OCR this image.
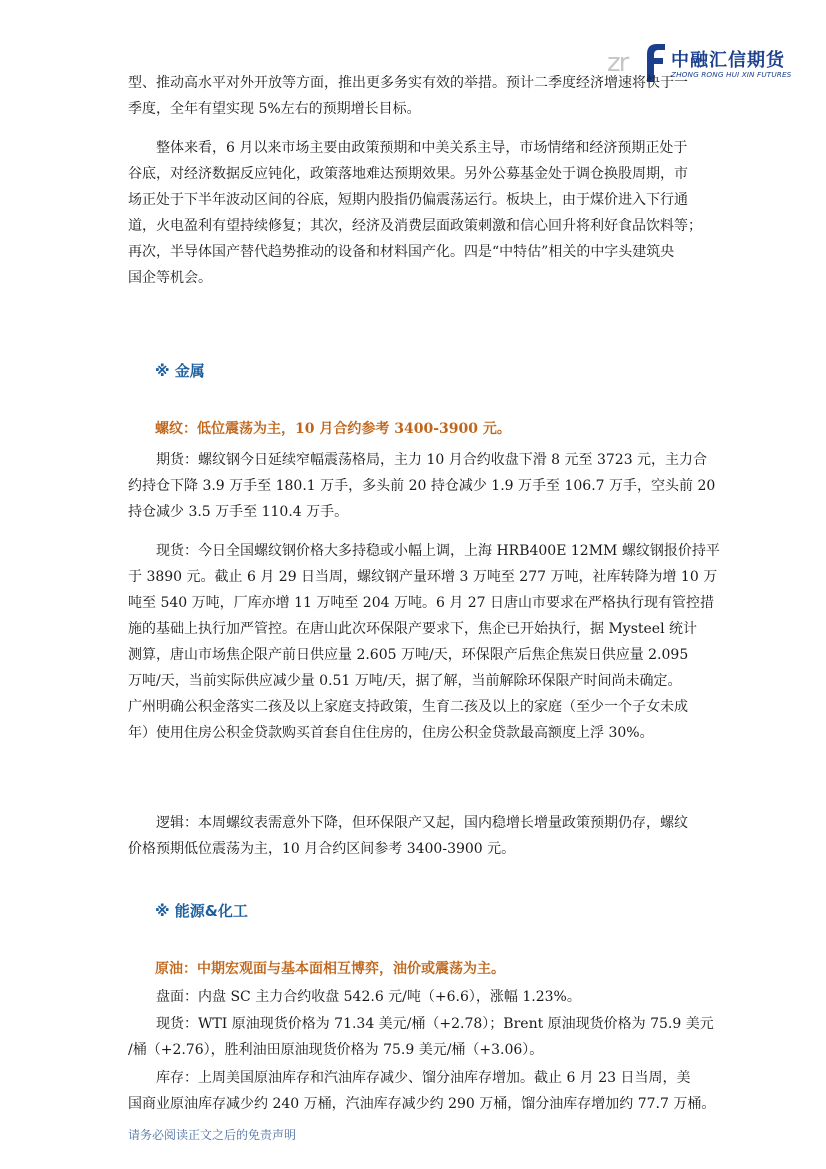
zr 中融汇信期货
ZHONG RONG HUI XIN FUTURES
型、推动高水平对外开放等方面，推出更多务实有效的举措。预计二季度经济增速将快于一
季度，全年有望实现 5%左右的预期增长目标。
整体来看，6 月以来市场主要由政策预期和中美关系主导，市场情绪和经济预期正处于
谷底，对经济数据反应钝化，政策落地难达预期效果。另外公募基金处于调仓换股周期，市
场正处于下半年波动区间的谷底，短期内股指仍偏震荡运行。板块上，由于煤价进入下行通
道，火电盈利有望持续修复；其次，经济及消费层面政策刺激和信心回升将利好食品饮料等；
再次，半导体国产替代趋势推动的设备和材料国产化。四是“中特估”相关的中字头建筑央
国企等机会。
※ 金属
螺纹：低位震荡为主，10 月合约参考 3400-3900 元。
期货：螺纹钢今日延续窄幅震荡格局，主力 10 月合约收盘下滑 8 元至 3723 元，主力合
约持仓下降 3.9 万手至 180.1 万手，多头前 20 持仓减少 1.9 万手至 106.7 万手，空头前 20
持仓减少 3.5 万手至 110.4 万手。
现货：今日全国螺纹钢价格大多持稳或小幅上调，上海 HRB400E 12MM 螺纹钢报价持平
于 3890 元。截止 6 月 29 日当周，螺纹钢产量环增 3 万吨至 277 万吨，社库转降为增 10 万
吨至 540 万吨，厂库亦增 11 万吨至 204 万吨。6 月 27 日唐山市要求在严格执行现有管控措
施的基础上执行加严管控。在唐山此次环保限产要求下，焦企已开始执行，据 Mysteel 统计
测算，唐山市场焦企限产前日供应量 2.605 万吨/天，环保限产后焦企焦炭日供应量 2.095
万吨/天，当前实际供应减少量 0.51 万吨/天，据了解，当前解除环保限产时间尚未确定。
广州明确公积金落实二孩及以上家庭支持政策，生育二孩及以上的家庭（至少一个子女未成
年）使用住房公积金贷款购买首套自住住房的，住房公积金贷款最高额度上浮 30%。
逻辑：本周螺纹表需意外下降，但环保限产又起，国内稳增长增量政策预期仍存，螺纹
价格预期低位震荡为主，10 月合约区间参考 3400-3900 元。
※ 能源&化工
原油：中期宏观面与基本面相互博弈，油价或震荡为主。
盘面：内盘 SC 主力合约收盘 542.6 元/吨（+6.6），涨幅 1.23%。
现货：WTI 原油现货价格为 71.34 美元/桶（+2.78）；Brent 原油现货价格为 75.9 美元
/桶（+2.76），胜利油田原油现货价格为 75.9 美元/桶（+3.06）。
库存：上周美国原油库存和汽油库存减少、馏分油库存增加。截止 6 月 23 日当周，美
国商业原油库存减少约 240 万桶，汽油库存减少约 290 万桶，馏分油库存增加约 77.7 万桶。

请务必阅读正文之后的免责声明
